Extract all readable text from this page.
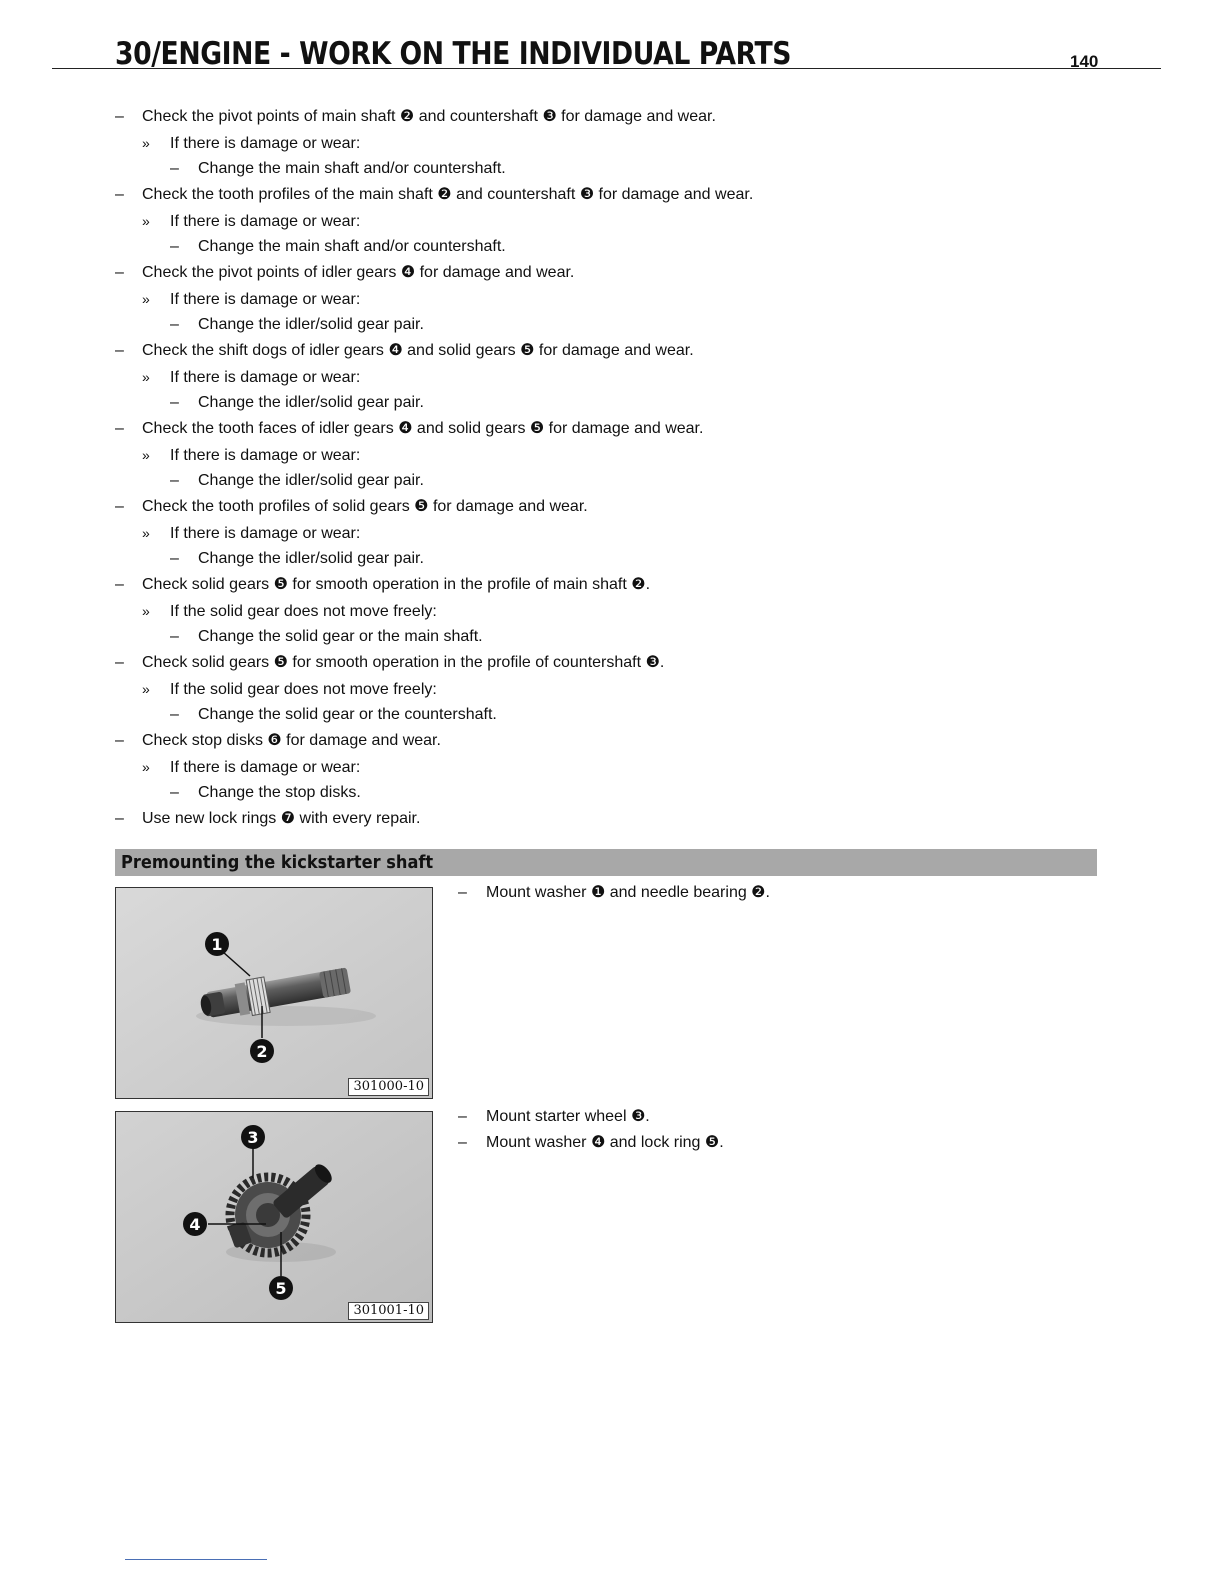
30/ENGINE - WORK ON THE INDIVIDUAL PARTS	140
– Check the pivot points of main shaft ❷ and countershaft ❸ for damage and wear.
» If there is damage or wear:
– Change the main shaft and/or countershaft.
– Check the tooth profiles of the main shaft ❷ and countershaft ❸ for damage and wear.
» If there is damage or wear:
– Change the main shaft and/or countershaft.
– Check the pivot points of idler gears ❹ for damage and wear.
» If there is damage or wear:
– Change the idler/solid gear pair.
– Check the shift dogs of idler gears ❹ and solid gears ❺ for damage and wear.
» If there is damage or wear:
– Change the idler/solid gear pair.
– Check the tooth faces of idler gears ❹ and solid gears ❺ for damage and wear.
» If there is damage or wear:
– Change the idler/solid gear pair.
– Check the tooth profiles of solid gears ❺ for damage and wear.
» If there is damage or wear:
– Change the idler/solid gear pair.
– Check solid gears ❺ for smooth operation in the profile of main shaft ❷.
» If the solid gear does not move freely:
– Change the solid gear or the main shaft.
– Check solid gears ❺ for smooth operation in the profile of countershaft ❸.
» If the solid gear does not move freely:
– Change the solid gear or the countershaft.
– Check stop disks ❻ for damage and wear.
» If there is damage or wear:
– Change the stop disks.
– Use new lock rings ❼ with every repair.
Premounting the kickstarter shaft
1
2
301000-10
3
4
5
301001-10
– Mount washer ❶ and needle bearing ❷.
– Mount starter wheel ❸.
– Mount washer ❹ and lock ring ❺.
